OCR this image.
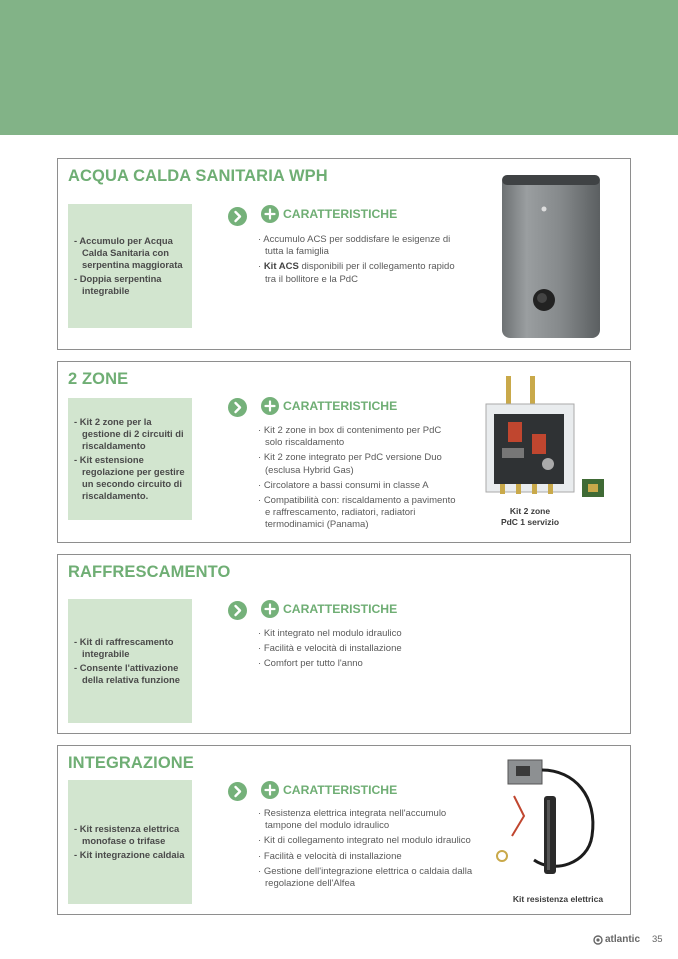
ACQUA CALDA SANITARIA WPH
- Accumulo per Acqua Calda Sanitaria con serpentina maggiorata
- Doppia serpentina integrabile
CARATTERISTICHE
· Accumulo ACS per soddisfare le esigenze di tutta la famiglia
· Kit ACS disponibili per il collegamento rapido tra il bollitore e la PdC
2 ZONE
- Kit 2 zone per la gestione di 2 circuiti di riscaldamento
- Kit estensione regolazione per gestire un secondo circuito di riscaldamento.
CARATTERISTICHE
· Kit 2 zone in box di contenimento per PdC solo riscaldamento
· Kit 2 zone integrato per PdC versione Duo (esclusa Hybrid Gas)
· Circolatore a bassi consumi in classe A
· Compatibilità con: riscaldamento a pavimento e raffrescamento, radiatori, radiatori termodinamici (Panama)
Kit 2 zone
PdC 1 servizio
RAFFRESCAMENTO
- Kit di raffrescamento integrabile
- Consente l'attivazione della relativa funzione
CARATTERISTICHE
· Kit integrato nel modulo idraulico
· Facilità e velocità di installazione
· Comfort per tutto l'anno
INTEGRAZIONE
- Kit resistenza elettrica monofase o trifase
- Kit integrazione caldaia
CARATTERISTICHE
· Resistenza elettrica integrata nell'accumulo tampone del modulo idraulico
· Kit di collegamento integrato nel modulo idraulico
· Facilità e velocità di installazione
· Gestione dell'integrazione elettrica o caldaia dalla regolazione dell'Alfea
Kit resistenza elettrica
atlantic 35
